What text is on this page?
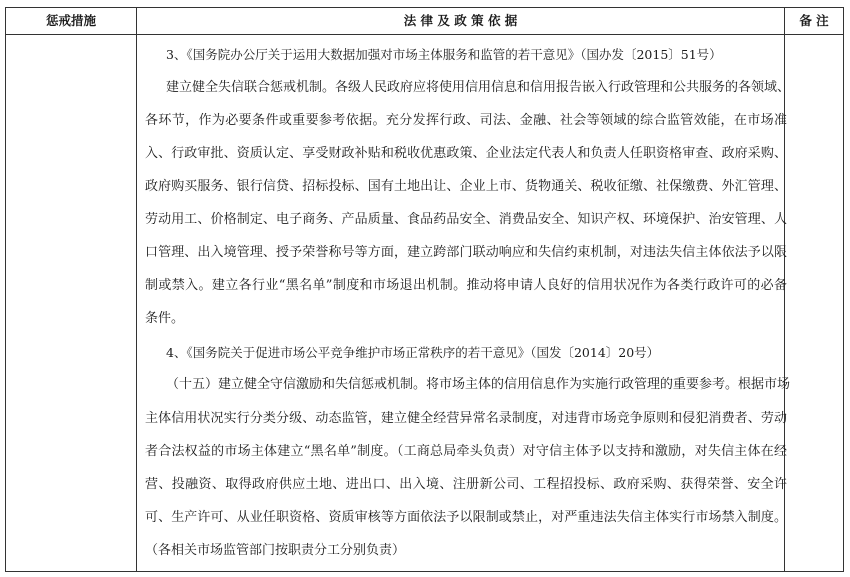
惩戒措施	法 律 及 政 策 依 据	备 注
3、《国务院办公厅关于运用大数据加强对市场主体服务和监管的若干意见》（国办发〔2015〕51号）
建立健全失信联合惩戒机制。各级人民政府应将使用信用信息和信用报告嵌入行政管理和公共服务的各领域、
各环节，作为必要条件或重要参考依据。充分发挥行政、司法、金融、社会等领域的综合监管效能，在市场准
入、行政审批、资质认定、享受财政补贴和税收优惠政策、企业法定代表人和负责人任职资格审查、政府采购、
政府购买服务、银行信贷、招标投标、国有土地出让、企业上市、货物通关、税收征缴、社保缴费、外汇管理、
劳动用工、价格制定、电子商务、产品质量、食品药品安全、消费品安全、知识产权、环境保护、治安管理、人
口管理、出入境管理、授予荣誉称号等方面，建立跨部门联动响应和失信约束机制，对违法失信主体依法予以限
制或禁入。建立各行业“黑名单”制度和市场退出机制。推动将申请人良好的信用状况作为各类行政许可的必备
条件。
4、《国务院关于促进市场公平竞争维护市场正常秩序的若干意见》（国发〔2014〕20号）
（十五）建立健全守信激励和失信惩戒机制。将市场主体的信用信息作为实施行政管理的重要参考。根据市场
主体信用状况实行分类分级、动态监管，建立健全经营异常名录制度，对违背市场竞争原则和侵犯消费者、劳动
者合法权益的市场主体建立“黑名单”制度。（工商总局牵头负责）对守信主体予以支持和激励，对失信主体在经
营、投融资、取得政府供应土地、进出口、出入境、注册新公司、工程招投标、政府采购、获得荣誉、安全许
可、生产许可、从业任职资格、资质审核等方面依法予以限制或禁止，对严重违法失信主体实行市场禁入制度。
（各相关市场监管部门按职责分工分别负责）
